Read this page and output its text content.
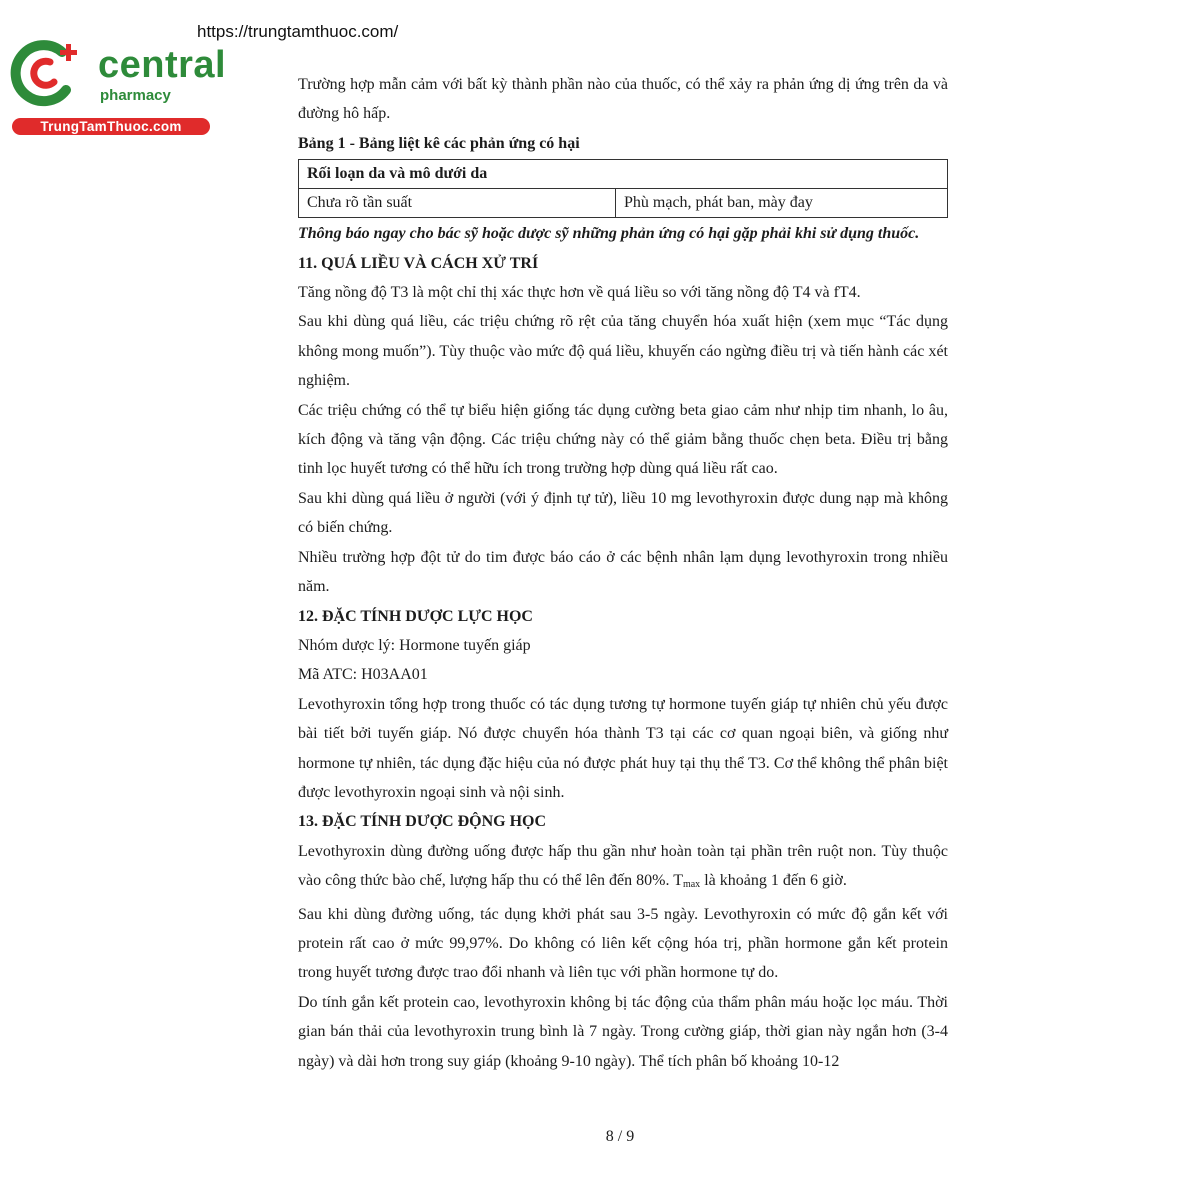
https://trungtamthuoc.com/
central
pharmacy
TrungTamThuoc.com

Trường hợp mẫn cảm với bất kỳ thành phần nào của thuốc, có thể xảy ra phản ứng dị ứng trên da và đường hô hấp.

Bảng 1 - Bảng liệt kê các phản ứng có hại

Rối loạn da và mô dưới da
Chưa rõ tần suất	Phù mạch, phát ban, mày đay

Thông báo ngay cho bác sỹ hoặc dược sỹ những phản ứng có hại gặp phải khi sử dụng thuốc.

11. QUÁ LIỀU VÀ CÁCH XỬ TRÍ

Tăng nồng độ T3 là một chỉ thị xác thực hơn về quá liều so với tăng nồng độ T4 và fT4.

Sau khi dùng quá liều, các triệu chứng rõ rệt của tăng chuyển hóa xuất hiện (xem mục “Tác dụng không mong muốn”). Tùy thuộc vào mức độ quá liều, khuyến cáo ngừng điều trị và tiến hành các xét nghiệm.

Các triệu chứng có thể tự biểu hiện giống tác dụng cường beta giao cảm như nhịp tim nhanh, lo âu, kích động và tăng vận động. Các triệu chứng này có thể giảm bằng thuốc chẹn beta. Điều trị bằng tinh lọc huyết tương có thể hữu ích trong trường hợp dùng quá liều rất cao.

Sau khi dùng quá liều ở người (với ý định tự tử), liều 10 mg levothyroxin được dung nạp mà không có biến chứng.

Nhiều trường hợp đột tử do tim được báo cáo ở các bệnh nhân lạm dụng levothyroxin trong nhiều năm.

12. ĐẶC TÍNH DƯỢC LỰC HỌC

Nhóm dược lý: Hormone tuyến giáp

Mã ATC: H03AA01

Levothyroxin tổng hợp trong thuốc có tác dụng tương tự hormone tuyến giáp tự nhiên chủ yếu được bài tiết bởi tuyến giáp. Nó được chuyển hóa thành T3 tại các cơ quan ngoại biên, và giống như hormone tự nhiên, tác dụng đặc hiệu của nó được phát huy tại thụ thể T3. Cơ thể không thể phân biệt được levothyroxin ngoại sinh và nội sinh.

13. ĐẶC TÍNH DƯỢC ĐỘNG HỌC

Levothyroxin dùng đường uống được hấp thu gần như hoàn toàn tại phần trên ruột non. Tùy thuộc vào công thức bào chế, lượng hấp thu có thể lên đến 80%. $T_{max}$ là khoảng 1 đến 6 giờ.

Sau khi dùng đường uống, tác dụng khởi phát sau 3-5 ngày. Levothyroxin có mức độ gắn kết với protein rất cao ở mức 99,97%. Do không có liên kết cộng hóa trị, phần hormone gắn kết protein trong huyết tương được trao đổi nhanh và liên tục với phần hormone tự do.

Do tính gắn kết protein cao, levothyroxin không bị tác động của thẩm phân máu hoặc lọc máu. Thời gian bán thải của levothyroxin trung bình là 7 ngày. Trong cường giáp, thời gian này ngắn hơn (3-4 ngày) và dài hơn trong suy giáp (khoảng 9-10 ngày). Thể tích phân bố khoảng 10-12

8 / 9
